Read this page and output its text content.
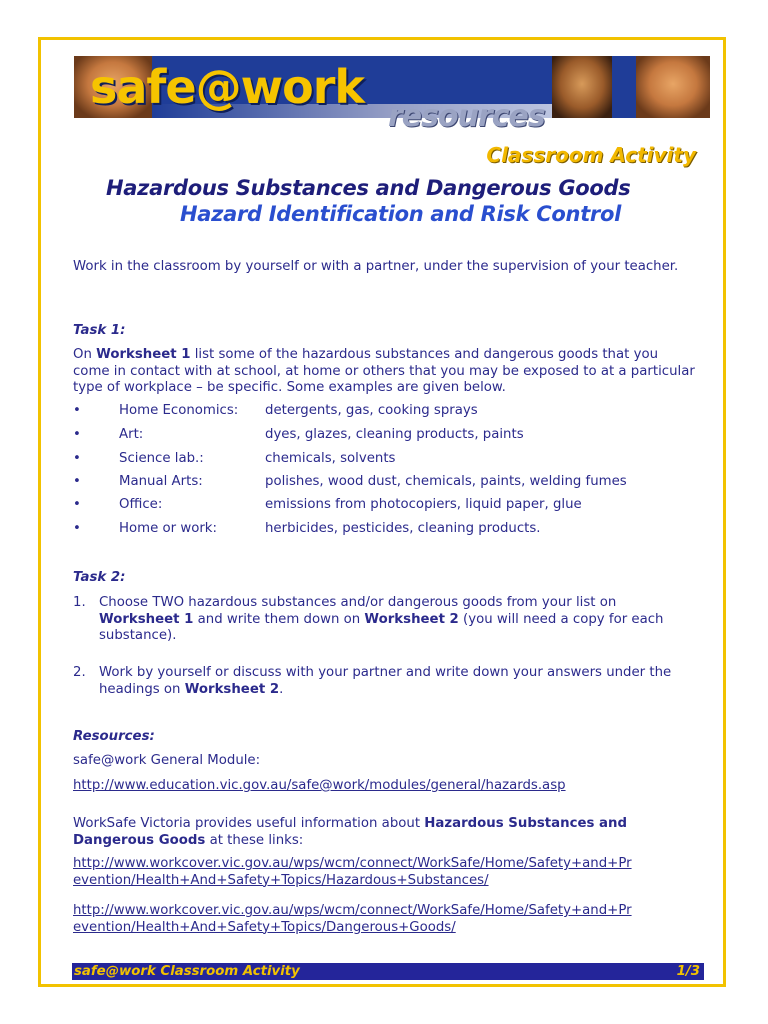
safe@work
resources
Classroom Activity
Hazardous Substances and Dangerous Goods
Hazard Identification and Risk Control
Work in the classroom by yourself or with a partner, under the supervision of your teacher.
Task 1:
On Worksheet 1 list some of the hazardous substances and dangerous goods that you come in contact with at school, at home or others that you may be exposed to at a particular type of workplace – be specific. Some examples are given below.
•	Home Economics: detergents, gas, cooking sprays
•	Art:	dyes, glazes, cleaning products, paints
•	Science lab.:	chemicals, solvents
•	Manual Arts:	polishes, wood dust, chemicals, paints, welding fumes
•	Office:	emissions from photocopiers, liquid paper, glue
•	Home or work:	herbicides, pesticides, cleaning products.
Task 2:
1. Choose TWO hazardous substances and/or dangerous goods from your list on Worksheet 1 and write them down on Worksheet 2 (you will need a copy for each substance).
2. Work by yourself or discuss with your partner and write down your answers under the headings on Worksheet 2.
Resources:
safe@work General Module:
http://www.education.vic.gov.au/safe@work/modules/general/hazards.asp
WorkSafe Victoria provides useful information about Hazardous Substances and Dangerous Goods at these links:
http://www.workcover.vic.gov.au/wps/wcm/connect/WorkSafe/Home/Safety+and+Pr
evention/Health+And+Safety+Topics/Hazardous+Substances/
http://www.workcover.vic.gov.au/wps/wcm/connect/WorkSafe/Home/Safety+and+Pr
evention/Health+And+Safety+Topics/Dangerous+Goods/
safe@work Classroom Activity	1/3
